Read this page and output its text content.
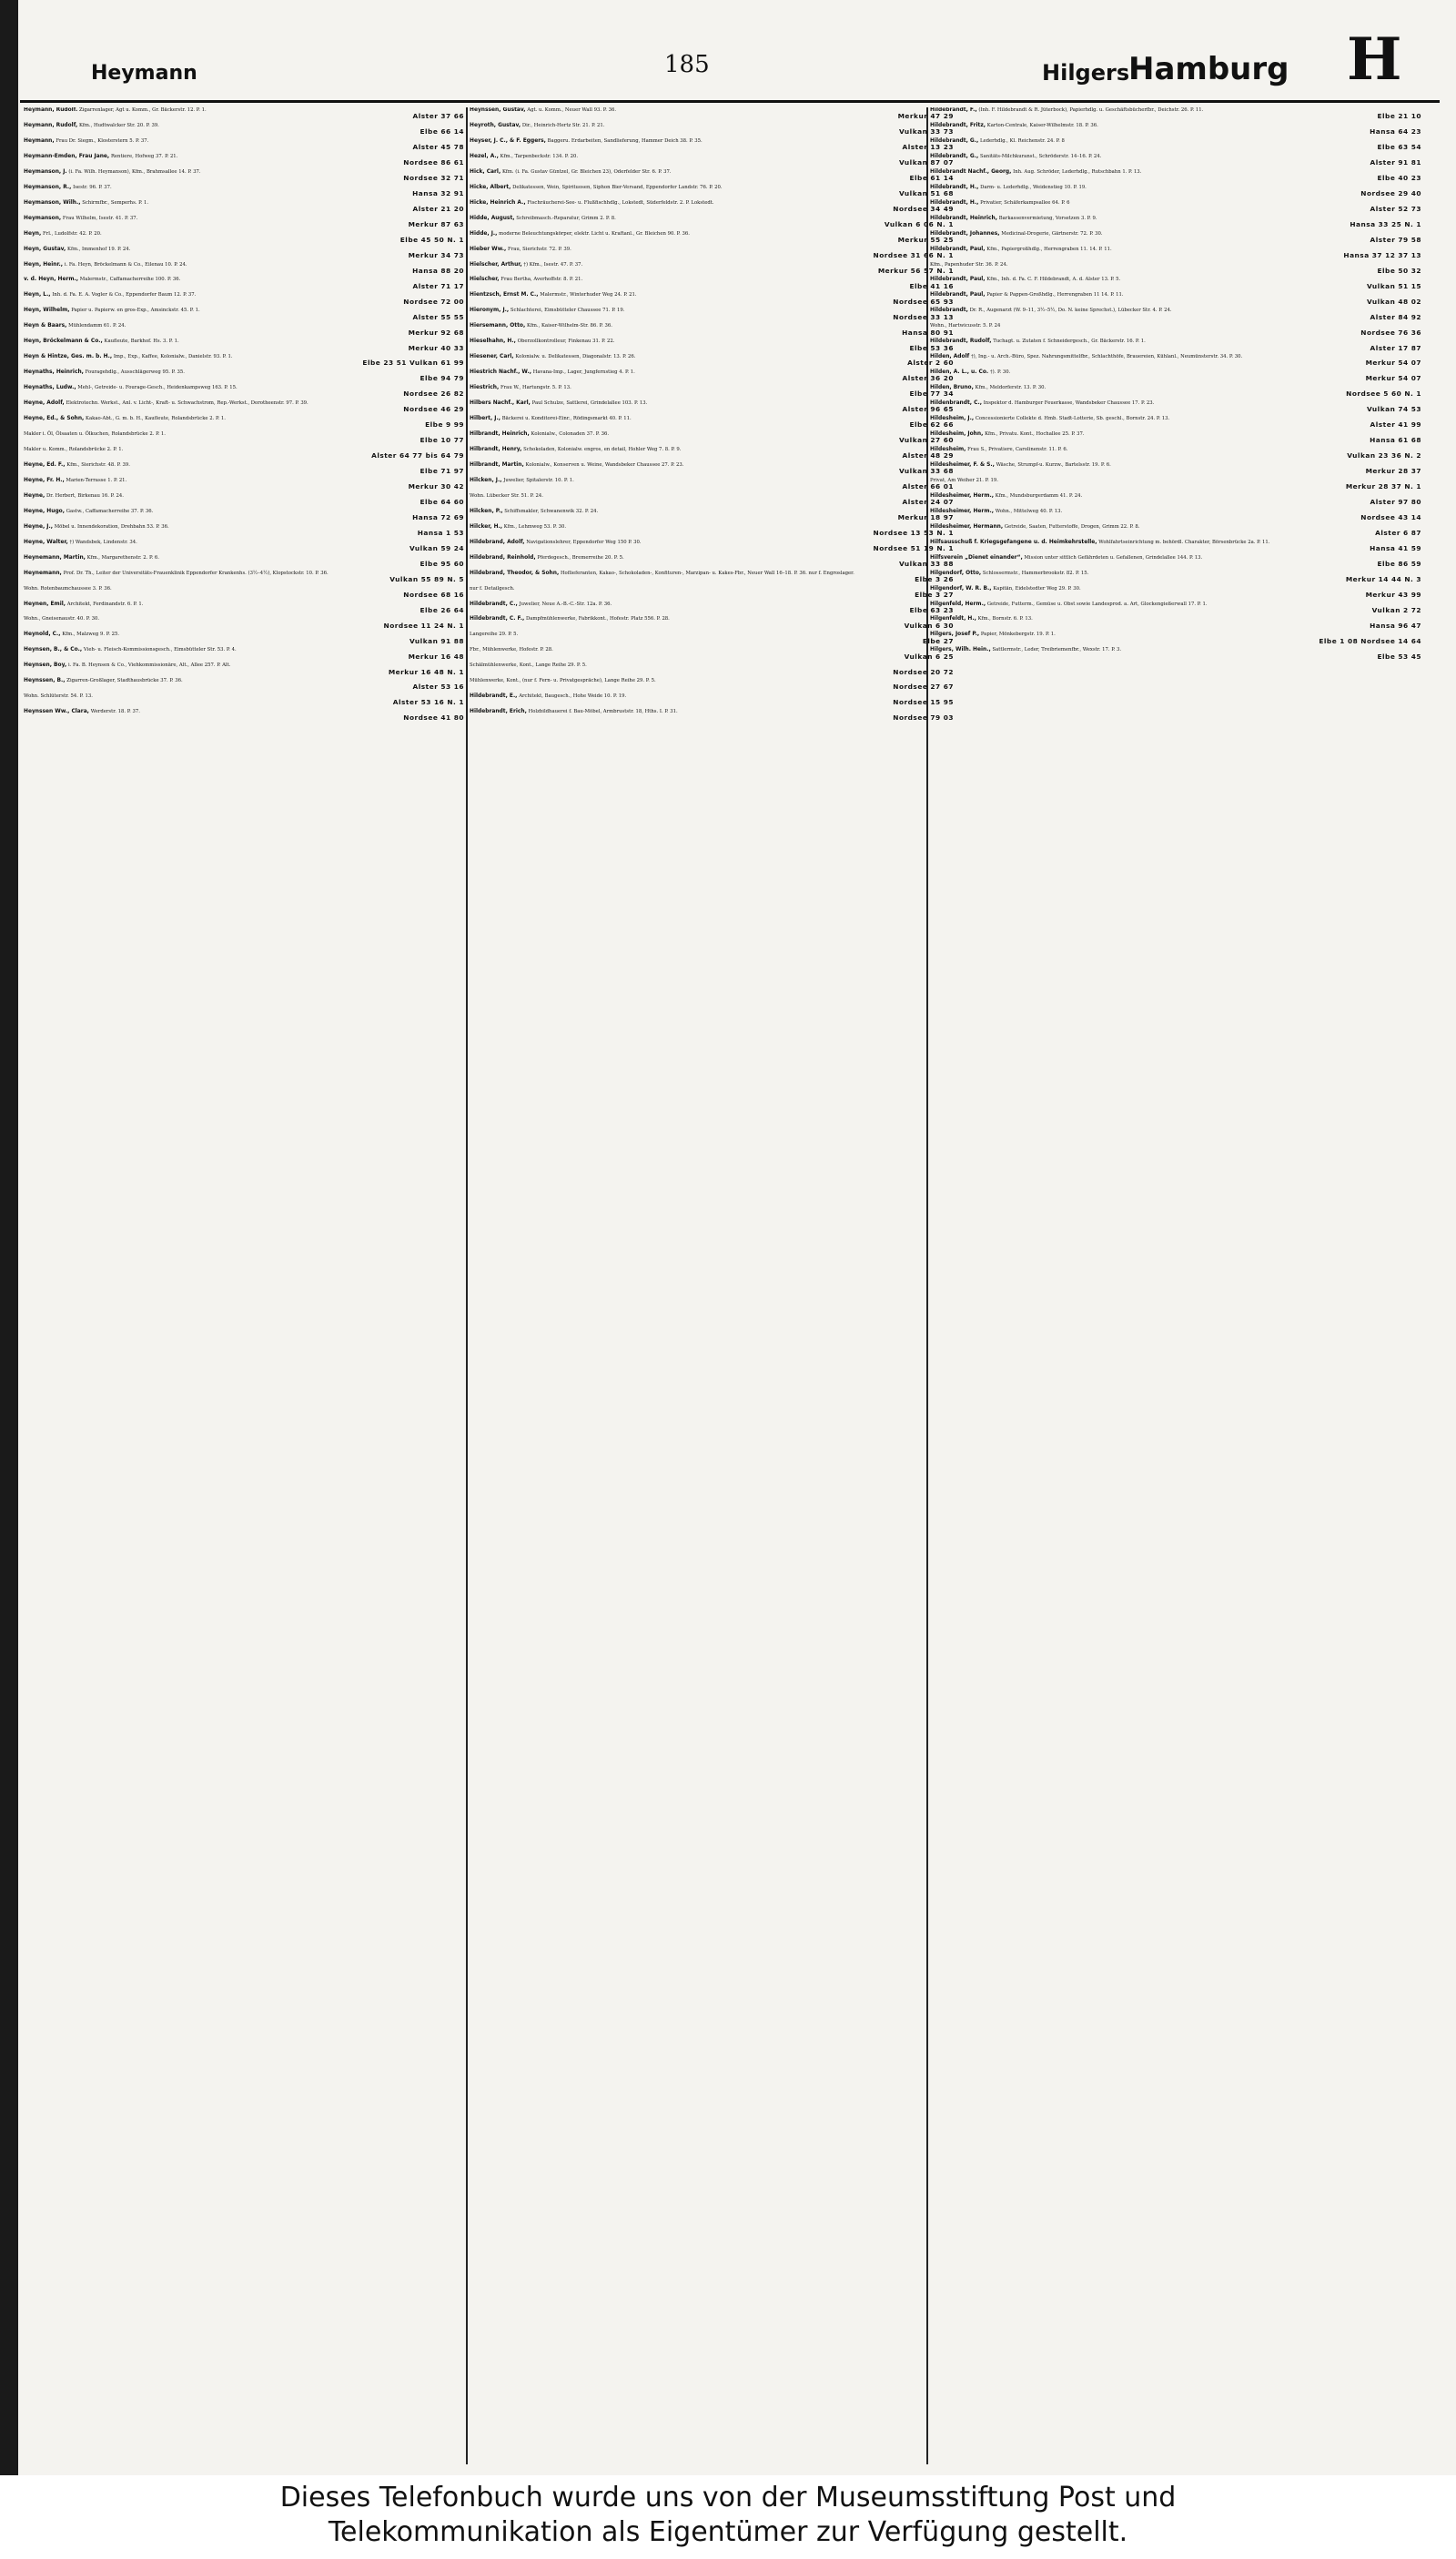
Heymann	185	Hilgers
Hamburg H
Heymann, Rudolf. Zigarrenlager, Agt u. Komm., Gr. Bäckerstr. 12. P. 1.
Alster 37 66
Heymann, Rudolf, Kfm., Hudtwalcker Str. 20. P. 39.
Elbe 66 14
Heymann, Frau Dr. Siegm., Klosterstern 5. P. 37.
Alster 45 78
Heymann-Emden, Frau Jane, Rentiere, Hofweg 37. P. 21.
Nordsee 86 61
Heymanson, J. (i. Fa. Wilh. Heymanson), Kfm., Brahmsallee 14. P. 37.
Nordsee 32 71
Heymanson, R., Isestr. 96. P. 37.
Hansa 32 91
Heymanson, Wilh., Schirmfbr., Semperhs. P. 1.
Alster 21 20
Heymanson, Frau Wilhelm, Isestr. 41. P. 37.
Merkur 87 63
Heyn, Frl., Ludolfstr. 42. P. 20.
Elbe 45 50 N. 1
Heyn, Gustav, Kfm., Immenhof 19. P. 24.
Merkur 34 73
Heyn, Heinr., i. Fa. Heyn, Bröckelmann & Co., Eilenau 10. P. 24.
Hansa 88 20
v. d. Heyn, Herm., Malermstr., Caffamacherreihe 100. P. 36.
Alster 71 17
Heyn, L., Inh. d. Fa. E. A. Vogler & Co., Eppendorfer Baum 12. P. 37.
Nordsee 72 00
Heyn, Wilhelm, Papier u. Papierw. en gros-Exp., Amsinckstr. 45. P. 1.
Alster 55 55
Heyn & Baars, Mühlendamm 61. P. 24.
Merkur 92 68
Heyn, Bröckelmann & Co., Kaufleute, Barkhof. Hs. 3. P. 1.
Merkur 40 33
Heyn & Hintze, Ges. m. b. H., Imp., Exp., Kaffee, Kolonialw., Danielstr. 93. P. 1.
Elbe 23 51 Vulkan 61 99
Heynaths, Heinrich, Fouragehdlg., Ausschlägerweg 95. P. 35.
Elbe 94 79
Heynaths, Ludw., Mehl-, Getreide- u. Fourage-Gesch., Heidenkampsweg 163. P. 15.
Nordsee 26 82
Heyne, Adolf, Elektrotechn. Werkst., Anl. v. Licht-, Kraft- u. Schwachstrom, Rep.-Werkst., Dorotheenstr. 97. P. 39.
Nordsee 46 29
Heyne, Ed., & Sohn, Kakao-Abt., G. m. b. H., Kaufleute, Rolandsbrücke 2. P. 1.
Elbe 9 99
Makler i. Öl, Ölsaaten u. Ölkuchen, Rolandsbrücke 2. P. 1.
Elbe 10 77
Makler u. Komm., Rolandsbrücke 2. P. 1.
Alster 64 77 bis 64 79
Heyne, Ed. F., Kfm., Sierichstr. 48. P. 39.
Elbe 71 97
Heyne, Fr. H., Marien-Terrasse 1. P. 21.
Merkur 30 42
Heyne, Dr. Herbert, Birkenau 16. P. 24.
Elbe 64 60
Heyne, Hugo, Gastw., Caffamacherreihe 37. P. 36.
Hansa 72 69
Heyne, J., Möbel u. Innendekoration, Drehbahn 53. P. 36.
Hansa 1 53
Heyne, Walter, †) Wandsbek, Lindenstr. 34.
Vulkan 59 24
Heynemann, Martin, Kfm., Margarethenstr. 2. P. 6.
Elbe 95 60
Heynemann, Prof. Dr. Th., Leiter der Universitäts-Frauenklinik Eppendorfer Krankenhs. (3½–4½), Klopstockstr. 10. P. 36.
Vulkan 55 89 N. 5
Wohn. Rotenbaumchaussee 3. P. 36.
Nordsee 68 16
Heynen, Emil, Architekt, Ferdinandstr. 6. P. 1.
Elbe 26 64
Wohn., Gneisenaustr. 40. P. 30.
Nordsee 11 24 N. 1
Heynold, C., Kfm., Malzweg 9. P. 25.
Vulkan 91 88
Heynsen, B., & Co., Vieh- u. Fleisch-Kommissionsgesch., Eimsbütteler Str. 53. P. 4.
Merkur 16 48
Heynsen, Boy, i. Fa. B. Heynsen & Co., Viehkommissionäre, Alt., Allee 257. P. Alt.
Merkur 16 48 N. 1
Heynssen, B., Zigarren-Großlager, Stadthausbrücke 37. P. 36.
Alster 53 16
Wohn. Schlüterstr. 54. P. 13.
Alster 53 16 N. 1
Heynssen Ww., Clara, Werderstr. 18. P. 37.
Nordsee 41 80
Heynssen, Gustav, Agt. u. Komm., Neuer Wall 93. P. 36.
Merkur 47 29
Heyroth, Gustav, Dir., Heinrich-Hertz Str. 21. P. 21.
Vulkan 33 73
Heyser, J. C., & F. Eggers, Baggeru. Erdarbeiten, Sandlieferung, Hammer Deich 38. P. 35.
Alster 13 23
Hezel, A., Kfm., Tarpenbeckstr. 134. P. 20.
Vulkan 87 07
Hick, Carl, Kfm. (i. Fa. Gustav Güntzel, Gr. Bleichen 23), Oderfelder Str. 6. P. 37.
Elbe 61 14
Hicke, Albert, Delikatessen, Wein, Spirituosen, Siphon Bier-Versand, Eppendorfer Landstr. 76. P. 20.
Vulkan 51 68
Hicke, Heinrich A., Fischräucherei-See- u. Flußfischhdlg., Lokstedt, Süderfeldstr. 2. P. Lokstedt.
Nordsee 34 49
Hidde, August, Schreibmasch.-Reparatur, Grimm 2. P. 8.
Vulkan 6 06 N. 1
Hidde, J., moderne Beleuchtungskörper, elektr. Licht u. Kraftanl., Gr. Bleichen 90. P. 36.
Merkur 55 25
Hieber Ww., Frau, Sierichstr. 72. P. 39.
Nordsee 31 66 N. 1
Hielscher, Arthur, †) Kfm., Isestr. 47. P. 37.
Merkur 56 57 N. 1
Hielscher, Frau Bertha, Averhoffstr. 8. P. 21.
Elbe 41 16
Hientzsch, Ernst M. C., Malermstr., Winterhuder Weg 24. P. 21.
Nordsee 65 93
Hieronym, J., Schlachterei, Eimsbütteler Chaussee 71. P. 19.
Nordsee 33 13
Hiersemann, Otto, Kfm., Kaiser-Wilhelm-Str. 86. P. 36.
Hansa 80 91
Hieselhahn, H., Oberzollkontrolleur, Finkenau 31. P. 22.
Elbe 53 36
Hiesener, Carl, Kolonialw. u. Delikatessen, Diagonalstr. 13. P. 26.
Alster 2 60
Hiestrich Nachf., W., Havana-Imp., Lager, Jungfernstieg 4. P. 1.
Alster 36 20
Hiestrich, Frau W., Hartungstr. 5. P. 13.
Elbe 77 34
Hilbers Nachf., Karl, Paul Schulze, Sattlerei, Grindelallee 103. P. 13.
Alster 96 65
Hilbert, J., Bäckerei u. Konditorei-Einr., Rödingsmarkt 40. P. 11.
Elbe 62 66
Hilbrandt, Heinrich, Kolonialw., Colonaden 37. P. 36.
Vulkan 27 60
Hilbrandt, Henry, Schokoladen, Kolonialw. engros, en detail, Hohler Weg 7. 8. P. 9.
Alster 48 29
Hilbrandt, Martin, Kolonialw., Konserven u. Weine, Wandsbeker Chaussee 27. P. 23.
Vulkan 33 68
Hilcken, J., Juwelier, Spitalerstr. 10. P. 1.
Alster 66 01
Wohn. Lübecker Str. 51. P. 24.
Alster 24 07
Hilcken, P., Schiffsmakler, Schwanenwik 32. P. 24.
Merkur 18 97
Hilcker, H., Kfm., Lehmweg 53. P. 30.
Nordsee 13 53 N. 1
Hildebrand, Adolf, Navigationslehrer, Eppendorfer Weg 150 P. 30.
Nordsee 51 19 N. 1
Hildebrand, Reinhold, Pferdegesch., Bremerreihe 20. P. 5.
Vulkan 33 88
Hildebrand, Theodor, & Sohn, Hoflieferanten, Kakao-, Schokoladen-, Konfituren-, Marzipan- u. Kakes-Fbr., Neuer Wall 16–18. P. 36. nur f. Engroslager.
Elbe 3 26
nur f. Detailgesch.
Elbe 3 27
Hildebrandt, C., Juwelier, Neue A.-B.-C.-Str. 12a. P. 36.
Elbe 63 23
Hildebrandt, C. F., Dampfmühlenwerke, Fabrikkont., Hofestr. Platz 556. P. 28.
Vulkan 6 30
Langereihe 29. P. 5.
Elbe 27
Fbr., Mühlenwerke, Hofestr. P. 28.
Vulkan 6 25
Schälmühlenwerke, Kont., Lange Reihe 29. P. 5.
Nordsee 20 72
Mühlenwerke, Kont., (nur f. Fern- u. Privatgespräche), Lange Reihe 29. P. 5.
Nordsee 27 67
Hildebrandt, E., Architekt, Baugesch., Hohe Weide 10. P. 19.
Nordsee 15 95
Hildebrandt, Erich, Holzbildhauerei f. Bau-Möbel, Armbruststr. 18, Hths. I. P. 31.
Nordsee 79 03
Hildebrandt, F., (Inh. F. Hildebrandt & R. Jüterbock), Papierhdlg. u. Geschäftsbücherfbr., Deichstr. 26. P. 11.
Elbe 21 10
Hildebrandt, Fritz, Karton-Centrale, Kaiser-Wilhelmstr. 18. P. 36.
Hansa 64 23
Hildebrandt, G., Lederhdlg., Kl. Reichenstr. 24. P. 8
Elbe 63 54
Hildebrandt, G., Sanitäts-Milchkuranst., Schröderstr. 14–16. P. 24.
Alster 91 81
Hildebrandt Nachf., Georg, Inh. Aug. Schröder, Lederhdlg., Rutschbahn 1. P. 13.
Elbe 40 23
Hildebrandt, H., Darm- u. Lederhdlg., Weidenstieg 10. P. 19.
Nordsee 29 40
Hildebrandt, H., Privatier, Schäferkampsallee 64. P. 6
Alster 52 73
Hildebrandt, Heinrich, Barkassenvermietung, Vorsetzen 3. P. 9.
Hansa 33 25 N. 1
Hildebrandt, Johannes, Medicinal-Drogerie, Gärtnerstr. 72. P. 30.
Alster 79 58
Hildebrandt, Paul, Kfm., Papiergroßhdlg., Herrengraben 11. 14. P. 11.
Hansa 37 12 37 13
Kfm., Papenhuder Str. 36. P. 24.
Elbe 50 32
Hildebrandt, Paul, Kfm., Inh. d. Fa. C. F. Hildebrandt, A. d. Alster 13. P. 5.
Vulkan 51 15
Hildebrandt, Paul, Papier & Pappen-Großhdlg., Herrengraben 11 14. P. 11.
Vulkan 48 02
Hildebrandt, Dr. R., Augenarzt (W. 9–11, 3½–5½, Do. N. keine Sprechst.), Lübecker Str. 4. P. 24.
Alster 84 92
Wohn., Hartwicusstr. 5. P. 24
Nordsee 76 36
Hildebrandt, Rudolf, Tuchagt. u. Zutaten f. Schneidergesch., Gr. Bäckerstr. 16. P. 1.
Alster 17 87
Hilden, Adolf †), Ing.- u. Arch.-Büro, Spez. Nahrungsmittelfbr., Schlachthöfe, Brauereien, Kühlanl., Neumünsterstr. 34. P. 30.
Merkur 54 07
Hilden, A. L., u. Co. †). P. 30.
Merkur 54 07
Hilden, Bruno, Kfm., Meldorferstr. 13. P. 30.
Nordsee 5 60 N. 1
Hildenbrandt, C., Inspektor d. Hamburger Feuerkasse, Wandsbeker Chaussee 17. P. 23.
Vulkan 74 53
Hildesheim, J., Concessionierte Collekte d. Hmb. Stadt-Lotterie, Sb. geschl., Bornstr. 24. P. 13.
Alster 41 99
Hildesheim, John, Kfm., Privatu. Kont., Hochallee 25. P. 37.
Hansa 61 68
Hildesheim, Frau S., Privatiere, Carolinenstr. 11. P. 6.
Vulkan 23 36 N. 2
Hildesheimer, F. & S., Wäsche, Strumpf-u. Kurzw., Bartelsstr. 19. P. 6.
Merkur 28 37
Privat, Am Weiher 21. P. 19.
Merkur 28 37 N. 1
Hildesheimer, Herm., Kfm., Mundsburgerdamm 41. P. 24.
Alster 97 80
Hildesheimer, Herm., Wohn., Mittelweg 40. P. 13.
Nordsee 43 14
Hildesheimer, Hermann, Getreide, Saaten, Futterstoffe, Drogen, Grimm 22. P. 8.
Alster 6 87
Hilfsausschuß f. Kriegsgefangene u. d. Heimkehrstelle, Wohlfahrtseinrichtung m. behördl. Charakter, Börsenbrücke 2a. P. 11.
Hansa 41 59
Hilfsverein „Dienet einander“, Mission unter sittlich Gefährdeten u. Gefallenen, Grindelallee 144. P. 13.
Elbe 86 59
Hilgendorf, Otto, Schlossermstr., Hammerbrookstr. 82. P. 15.
Merkur 14 44 N. 3
Hilgendorf, W. R. B., Kapitän, Eidelstedter Weg 29. P. 30.
Merkur 43 99
Hilgenfeld, Herm., Getreide, Futterm., Gemüse u. Obst sowie Landesprod. a. Art, Glockengießerwall 17. P. 1.
Vulkan 2 72
Hilgenfeldt, H., Kfm., Bornstr. 6. P. 13.
Hansa 96 47
Hilgers, Josef P., Papier, Mönkebergstr. 19. P. 1.
Elbe 1 08 Nordsee 14 64
Hilgers, Wilh. Hein., Sattlermstr., Leder, Treibriemenfbr., Wexstr. 17. P. 3.
Elbe 53 45
Dieses Telefonbuch wurde uns von der Museumsstiftung Post und
Telekommunikation als Eigentümer zur Verfügung gestellt.
